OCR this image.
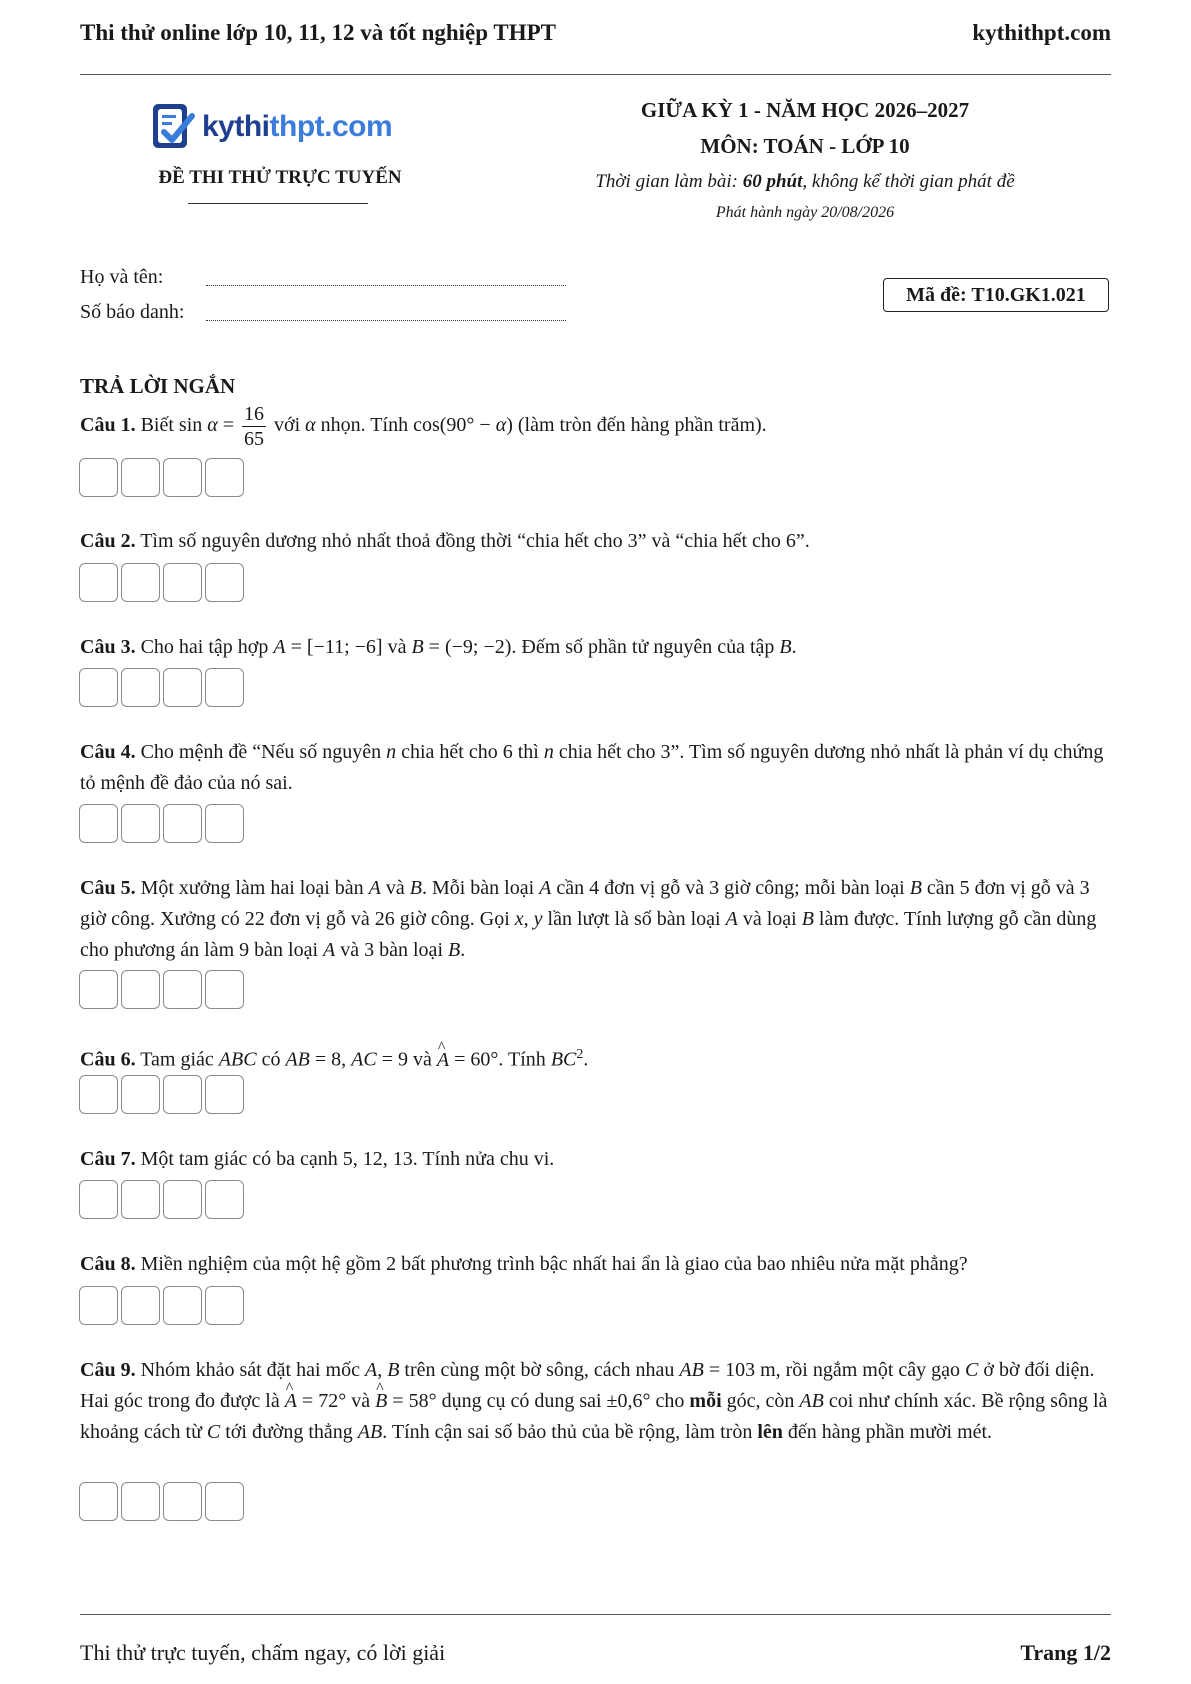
Thi thử online lớp 10, 11, 12 và tốt nghiệp THPT	kythithpt.com
kythithpt.com
ĐỀ THI THỬ TRỰC TUYẾN
GIỮA KỲ 1 - NĂM HỌC 2026–2027
MÔN: TOÁN - LỚP 10
Thời gian làm bài: 60 phút, không kể thời gian phát đề
Phát hành ngày 20/08/2026
Họ và tên:
Số báo danh:
Mã đề: T10.GK1.021
TRẢ LỜI NGẮN
Câu 1. Biết $\sin \alpha = \frac{16}{65}$ với α nhọn. Tính cos(90° − α) (làm tròn đến hàng phần trăm).
Câu 2. Tìm số nguyên dương nhỏ nhất thoả đồng thời “chia hết cho 3” và “chia hết cho 6”.
Câu 3. Cho hai tập hợp A = [−11; −6] và B = (−9; −2). Đếm số phần tử nguyên của tập B.
Câu 4. Cho mệnh đề “Nếu số nguyên n chia hết cho 6 thì n chia hết cho 3”. Tìm số nguyên dương nhỏ nhất là phản ví dụ chứng tỏ mệnh đề đảo của nó sai.
Câu 5. Một xưởng làm hai loại bàn A và B. Mỗi bàn loại A cần 4 đơn vị gỗ và 3 giờ công; mỗi bàn loại B cần 5 đơn vị gỗ và 3 giờ công. Xưởng có 22 đơn vị gỗ và 26 giờ công. Gọi x, y lần lượt là số bàn loại A và loại B làm được. Tính lượng gỗ cần dùng cho phương án làm 9 bàn loại A và 3 bàn loại B.
Câu 6. Tam giác ABC có AB = 8, AC = 9 và ^ A = 60°. Tính $BC^2$.
Câu 7. Một tam giác có ba cạnh 5, 12, 13. Tính nửa chu vi.
Câu 8. Miền nghiệm của một hệ gồm 2 bất phương trình bậc nhất hai ẩn là giao của bao nhiêu nửa mặt phẳng?
Câu 9. Nhóm khảo sát đặt hai mốc A, B trên cùng một bờ sông, cách nhau AB = 103 m, rồi ngắm một cây gạo C ở bờ đối diện. Hai góc trong đo được là ^ A = 72° và ^ B = 58° dụng cụ có dung sai ±0,6° cho mỗi góc, còn AB coi như chính xác. Bề rộng sông là khoảng cách từ C tới đường thẳng AB. Tính cận sai số bảo thủ của bề rộng, làm tròn lên đến hàng phần mười mét.
Thi thử trực tuyến, chấm ngay, có lời giải	Trang 1/2
